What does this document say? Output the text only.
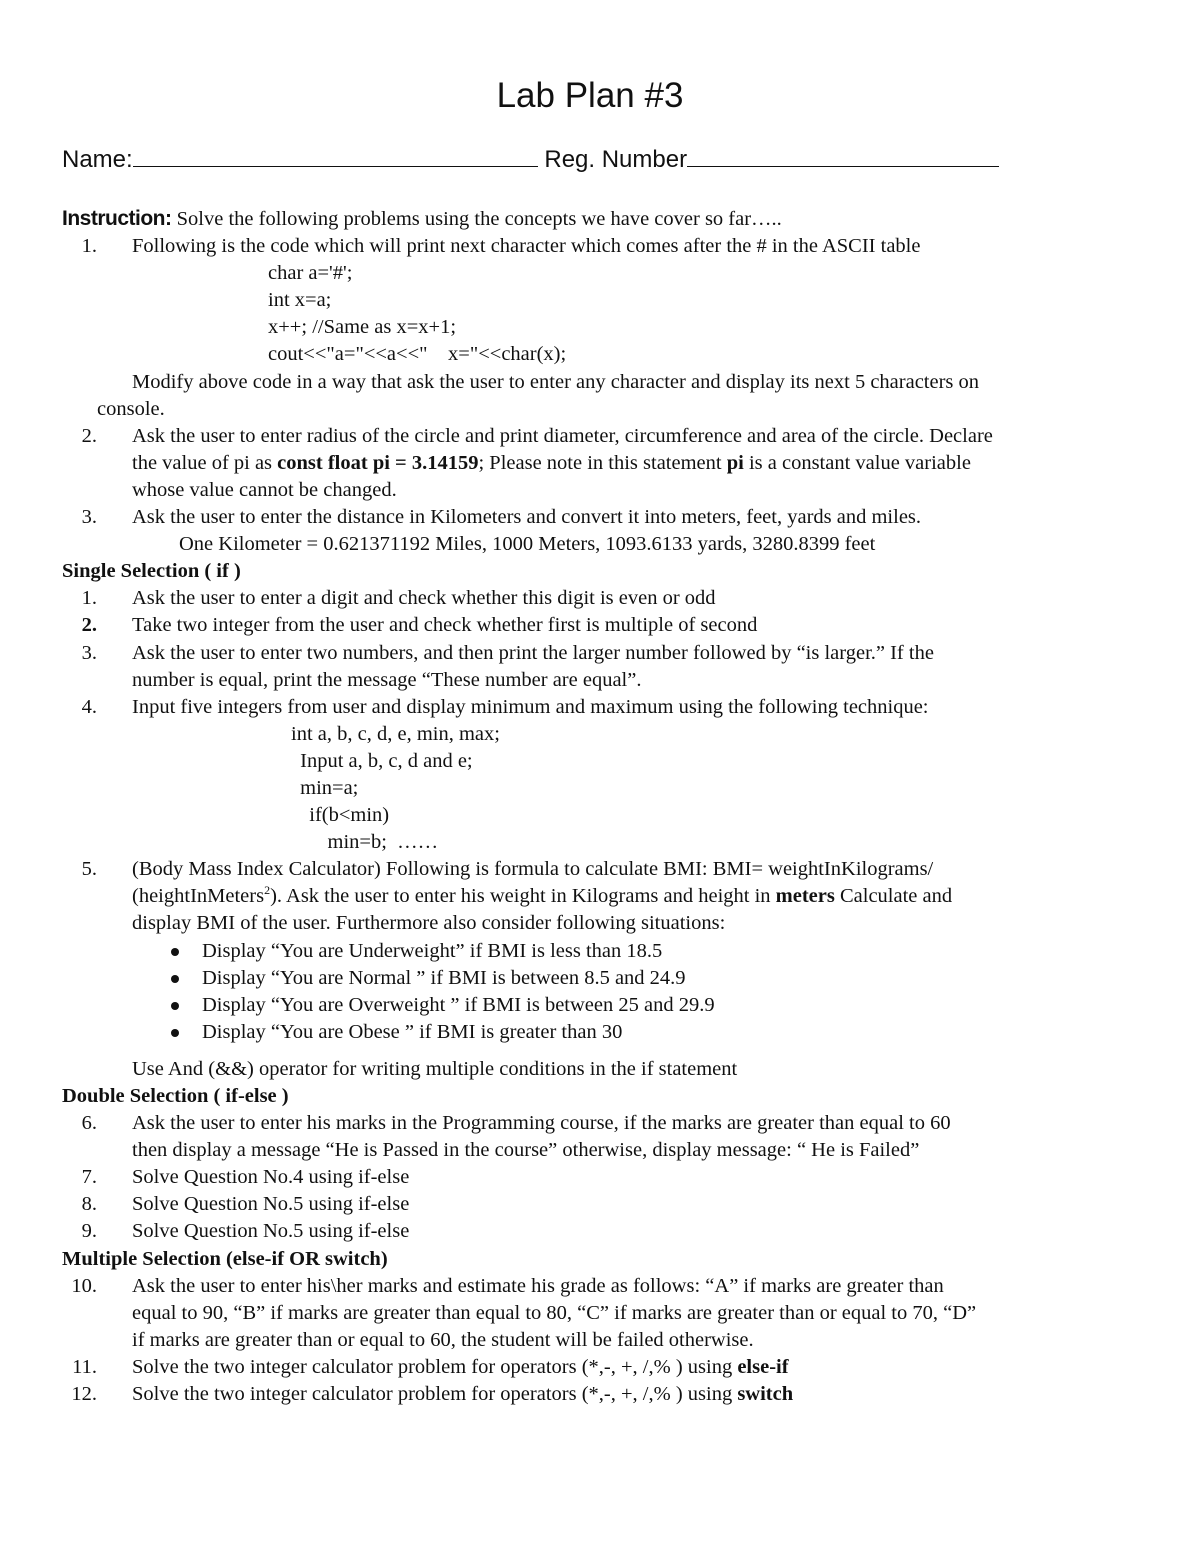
Lab Plan #3
Name:	Reg. Number
Instruction: Solve the following problems using the concepts we have cover so far…..
1. Following is the code which will print next character which comes after the # in the ASCII table
char a='#';
int x=a;
x++; //Same as x=x+1;
cout<<"a="<<a<<"    x="<<char(x);
Modify above code in a way that ask the user to enter any character and display its next 5 characters on
console.
2. Ask the user to enter radius of the circle and print diameter, circumference and area of the circle. Declare
the value of pi as const float pi = 3.14159; Please note in this statement pi is a constant value variable
whose value cannot be changed.
3. Ask the user to enter the distance in Kilometers and convert it into meters, feet, yards and miles.
One Kilometer = 0.621371192 Miles, 1000 Meters, 1093.6133 yards, 3280.8399 feet
Single Selection ( if )
1. Ask the user to enter a digit and check whether this digit is even or odd
2. Take two integer from the user and check whether first is multiple of second
3. Ask the user to enter two numbers, and then print the larger number followed by “is larger.” If the
number is equal, print the message “These number are equal”.
4. Input five integers from user and display minimum and maximum using the following technique:
int a, b, c, d, e, min, max;
Input a, b, c, d and e;
min=a;
if(b<min)
min=b;  ……
5. (Body Mass Index Calculator) Following is formula to calculate BMI: BMI= weightInKilograms/
(heightInMeters$^2$). Ask the user to enter his weight in Kilograms and height in meters Calculate and
display BMI of the user. Furthermore also consider following situations:
Display “You are Underweight” if BMI is less than 18.5
Display “You are Normal ” if BMI is between 8.5 and 24.9
Display “You are Overweight ” if BMI is between 25 and 29.9
Display “You are Obese ” if BMI is greater than 30
Use And (&&) operator for writing multiple conditions in the if statement
Double Selection ( if-else )
6. Ask the user to enter his marks in the Programming course, if the marks are greater than equal to 60
then display a message “He is Passed in the course” otherwise, display message: “ He is Failed”
7. Solve Question No.4 using if-else
8. Solve Question No.5 using if-else
9. Solve Question No.5 using if-else
Multiple Selection (else-if OR switch)
10. Ask the user to enter his\her marks and estimate his grade as follows: “A” if marks are greater than
equal to 90, “B” if marks are greater than equal to 80, “C” if marks are greater than or equal to 70, “D”
if marks are greater than or equal to 60, the student will be failed otherwise.
11. Solve the two integer calculator problem for operators (*,-, +, /,% ) using else-if
12. Solve the two integer calculator problem for operators (*,-, +, /,% ) using switch
